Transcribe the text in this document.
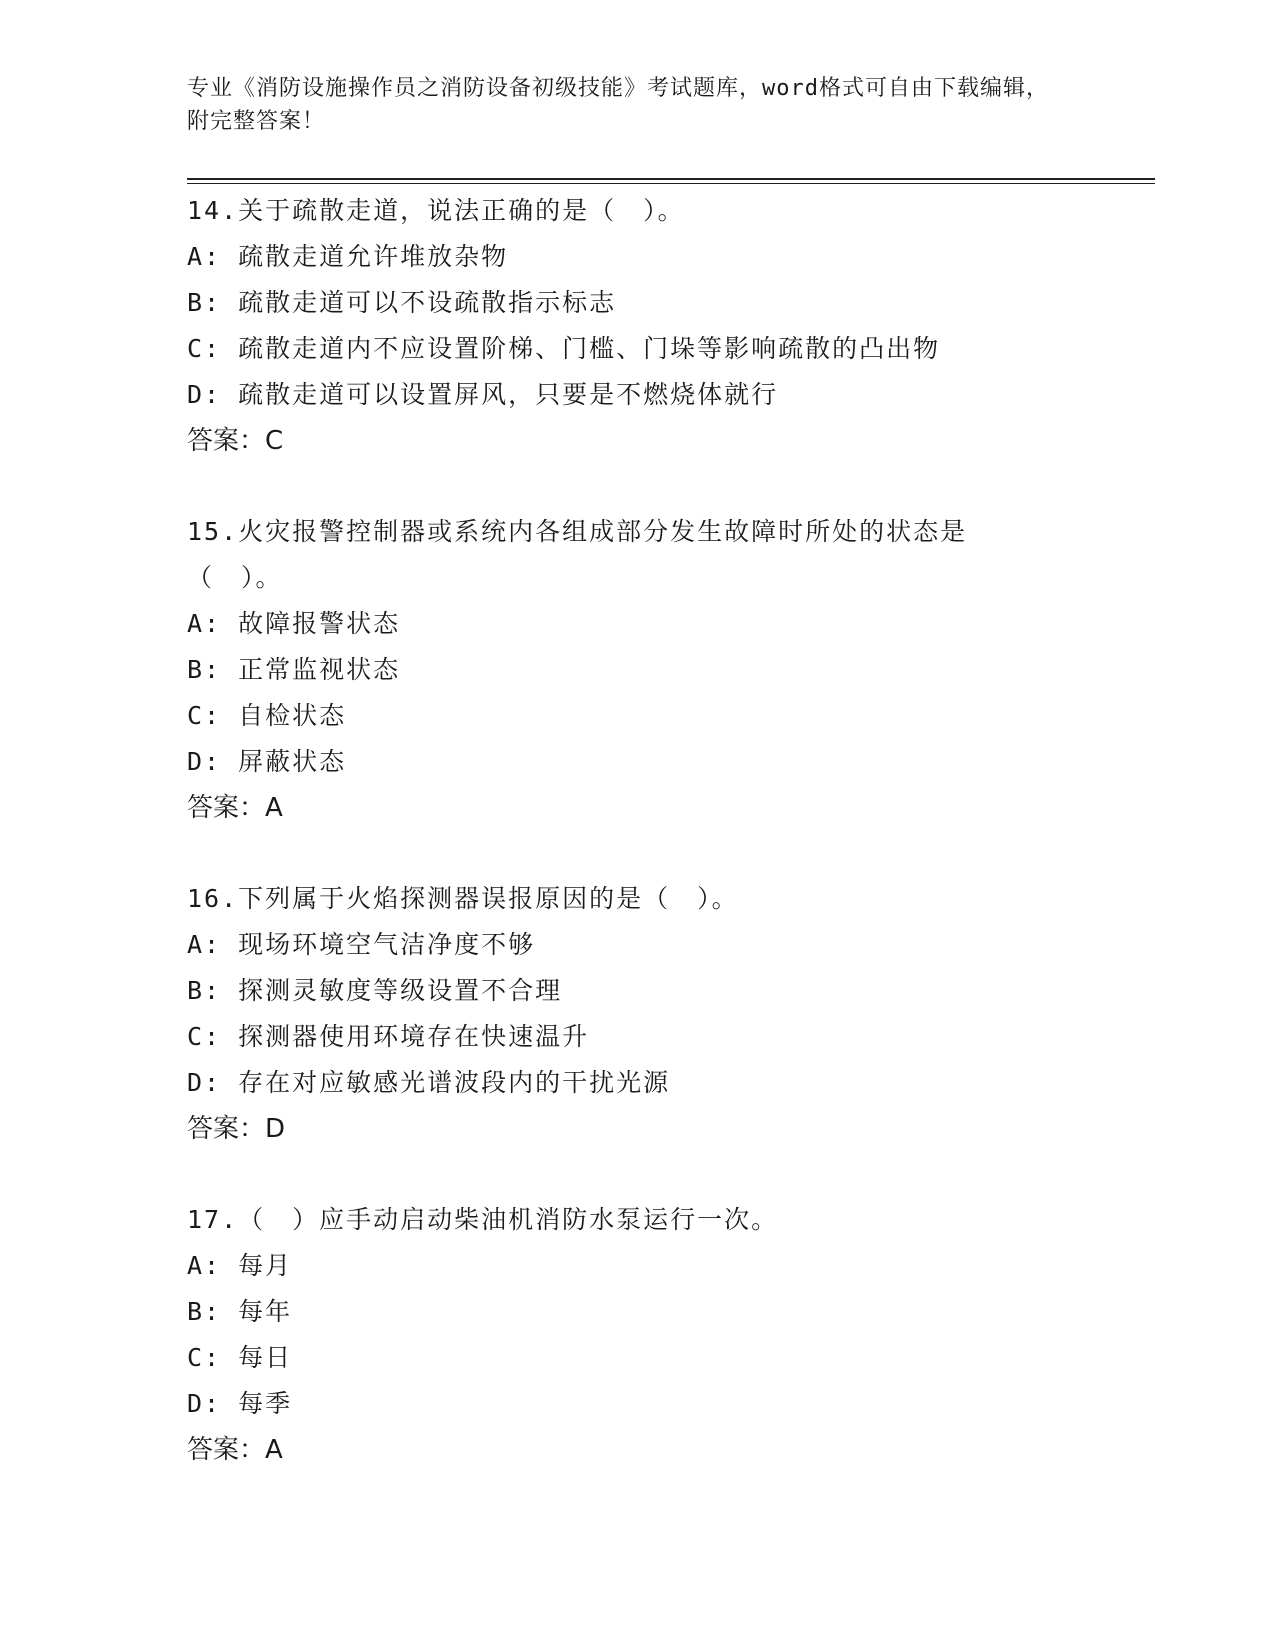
专业《消防设施操作员之消防设备初级技能》考试题库，word格式可自由下载编辑，附完整答案！
14.关于疏散走道，说法正确的是（　）。
A: 疏散走道允许堆放杂物
B: 疏散走道可以不设疏散指示标志
C: 疏散走道内不应设置阶梯、门槛、门垛等影响疏散的凸出物
D: 疏散走道可以设置屏风，只要是不燃烧体就行
答案：C
15.火灾报警控制器或系统内各组成部分发生故障时所处的状态是（　）。
A: 故障报警状态
B: 正常监视状态
C: 自检状态
D: 屏蔽状态
答案：A
16.下列属于火焰探测器误报原因的是（　）。
A: 现场环境空气洁净度不够
B: 探测灵敏度等级设置不合理
C: 探测器使用环境存在快速温升
D: 存在对应敏感光谱波段内的干扰光源
答案：D
17.（　）应手动启动柴油机消防水泵运行一次。
A: 每月
B: 每年
C: 每日
D: 每季
答案：A
